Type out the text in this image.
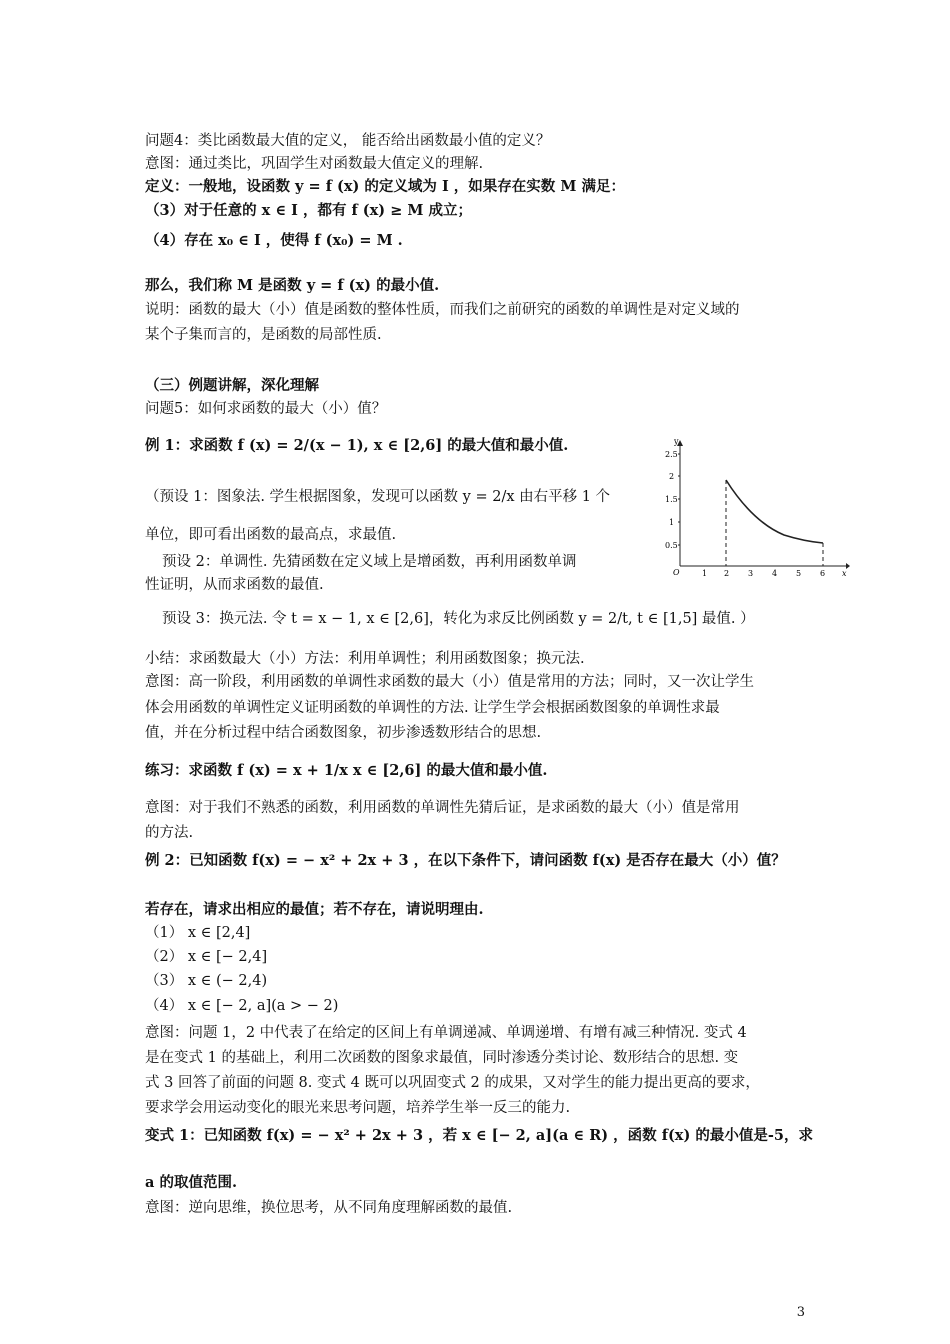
问题4：类比函数最大值的定义， 能否给出函数最小值的定义？
意图：通过类比，巩固学生对函数最大值定义的理解.
定义：一般地，设函数 y = f (x) 的定义域为 I ，如果存在实数 M 满足：
（3）对于任意的 x ∈ I ，都有 f (x) ≥ M 成立；
（4）存在 x₀ ∈ I ，使得 f (x₀) = M .
那么，我们称 M 是函数 y = f (x) 的最小值.
说明：函数的最大（小）值是函数的整体性质，而我们之前研究的函数的单调性是对定义域的
某个子集而言的，是函数的局部性质.
（三）例题讲解，深化理解
问题5：如何求函数的最大（小）值？
例 1：求函数 f (x) = 2/(x − 1), x ∈ [2,6] 的最大值和最小值.
（预设 1：图象法. 学生根据图象，发现可以函数 y = 2/x 由右平移 1 个
单位，即可看出函数的最高点，求最值.
预设 2：单调性. 先猜函数在定义域上是增函数，再利用函数单调
性证明，从而求函数的最值.
预设 3：换元法. 令 t = x − 1, x ∈ [2,6]，转化为求反比例函数 y = 2/t, t ∈ [1,5] 最值. ）
小结：求函数最大（小）方法：利用单调性；利用函数图象；换元法.
意图：高一阶段，利用函数的单调性求函数的最大（小）值是常用的方法；同时，又一次让学生
体会用函数的单调性定义证明函数的单调性的方法. 让学生学会根据函数图象的单调性求最
值，并在分析过程中结合函数图象，初步渗透数形结合的思想.
练习：求函数 f (x) = x + 1/x x ∈ [2,6] 的最大值和最小值.
意图：对于我们不熟悉的函数，利用函数的单调性先猜后证，是求函数的最大（小）值是常用
的方法.
例 2：已知函数 f(x) = − x² + 2x + 3 ，在以下条件下，请问函数 f(x) 是否存在最大（小）值？
若存在，请求出相应的最值；若不存在，请说明理由.
（1） x ∈ [2,4]
（2） x ∈ [− 2,4]
（3） x ∈ (− 2,4)
（4） x ∈ [− 2, a](a > − 2)
意图：问题 1，2 中代表了在给定的区间上有单调递减、单调递增、有增有减三种情况. 变式 4
是在变式 1 的基础上，利用二次函数的图象求最值，同时渗透分类讨论、数形结合的思想. 变
式 3 回答了前面的问题 8. 变式 4 既可以巩固变式 2 的成果，又对学生的能力提出更高的要求，
要求学会用运动变化的眼光来思考问题，培养学生举一反三的能力.
变式 1：已知函数 f(x) = − x² + 2x + 3 ，若 x ∈ [− 2, a](a ∈ R) ，函数 f(x) 的最小值是-5，求
a 的取值范围.
意图：逆向思维，换位思考，从不同角度理解函数的最值.
y
2.5
2
1.5
1
0.5
O	1 2 3 4 5 6 x
3
